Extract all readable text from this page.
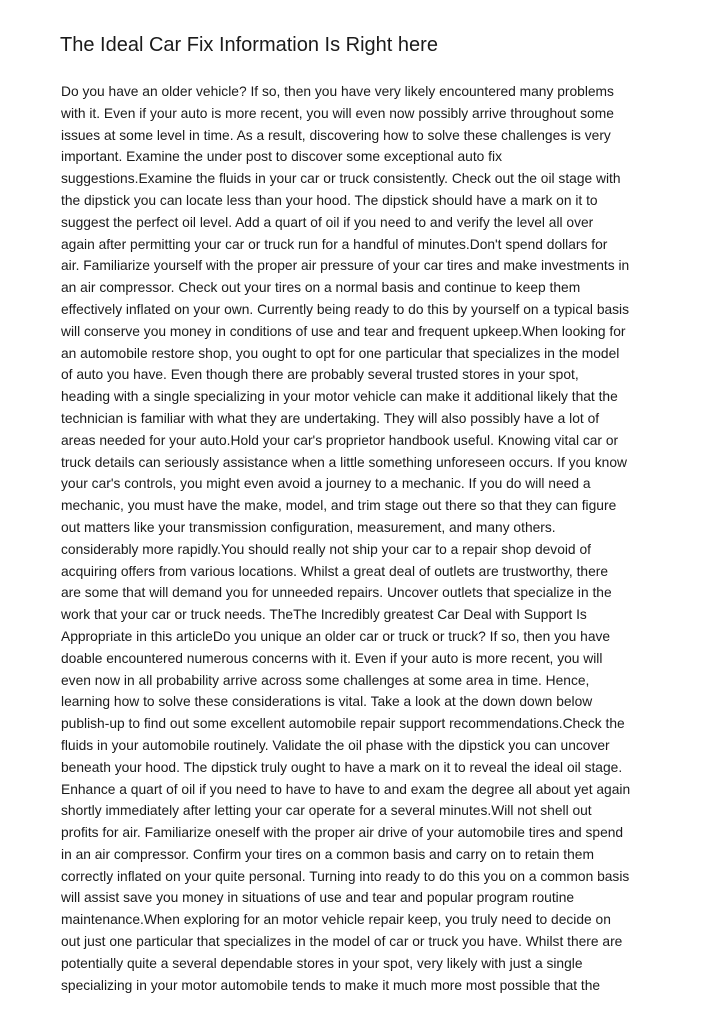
The Ideal Car Fix Information Is Right here
Do you have an older vehicle? If so, then you have very likely encountered many problems
with it. Even if your auto is more recent, you will even now possibly arrive throughout some
issues at some level in time. As a result, discovering how to solve these challenges is very
important. Examine the under post to discover some exceptional auto fix
suggestions.Examine the fluids in your car or truck consistently. Check out the oil stage with
the dipstick you can locate less than your hood. The dipstick should have a mark on it to
suggest the perfect oil level. Add a quart of oil if you need to and verify the level all over
again after permitting your car or truck run for a handful of minutes.Don't spend dollars for
air. Familiarize yourself with the proper air pressure of your car tires and make investments in
an air compressor. Check out your tires on a normal basis and continue to keep them
effectively inflated on your own. Currently being ready to do this by yourself on a typical basis
will conserve you money in conditions of use and tear and frequent upkeep.When looking for
an automobile restore shop, you ought to opt for one particular that specializes in the model
of auto you have. Even though there are probably several trusted stores in your spot,
heading with a single specializing in your motor vehicle can make it additional likely that the
technician is familiar with what they are undertaking. They will also possibly have a lot of
areas needed for your auto.Hold your car's proprietor handbook useful. Knowing vital car or
truck details can seriously assistance when a little something unforeseen occurs. If you know
your car's controls, you might even avoid a journey to a mechanic. If you do will need a
mechanic, you must have the make, model, and trim stage out there so that they can figure
out matters like your transmission configuration, measurement, and many others.
considerably more rapidly.You should really not ship your car to a repair shop devoid of
acquiring offers from various locations. Whilst a great deal of outlets are trustworthy, there
are some that will demand you for unneeded repairs. Uncover outlets that specialize in the
work that your car or truck needs. TheThe Incredibly greatest Car Deal with Support Is
Appropriate in this articleDo you unique an older car or truck or truck? If so, then you have
doable encountered numerous concerns with it. Even if your auto is more recent, you will
even now in all probability arrive across some challenges at some area in time. Hence,
learning how to solve these considerations is vital. Take a look at the down down below
publish-up to find out some excellent automobile repair support recommendations.Check the
fluids in your automobile routinely. Validate the oil phase with the dipstick you can uncover
beneath your hood. The dipstick truly ought to have a mark on it to reveal the ideal oil stage.
Enhance a quart of oil if you need to have to have to and exam the degree all about yet again
shortly immediately after letting your car operate for a several minutes.Will not shell out
profits for air. Familiarize oneself with the proper air drive of your automobile tires and spend
in an air compressor. Confirm your tires on a common basis and carry on to retain them
correctly inflated on your quite personal. Turning into ready to do this you on a common basis
will assist save you money in situations of use and tear and popular program routine
maintenance.When exploring for an motor vehicle repair keep, you truly need to decide on
out just one particular that specializes in the model of car or truck you have. Whilst there are
potentially quite a several dependable stores in your spot, very likely with just a single
specializing in your motor automobile tends to make it much more most possible that the
